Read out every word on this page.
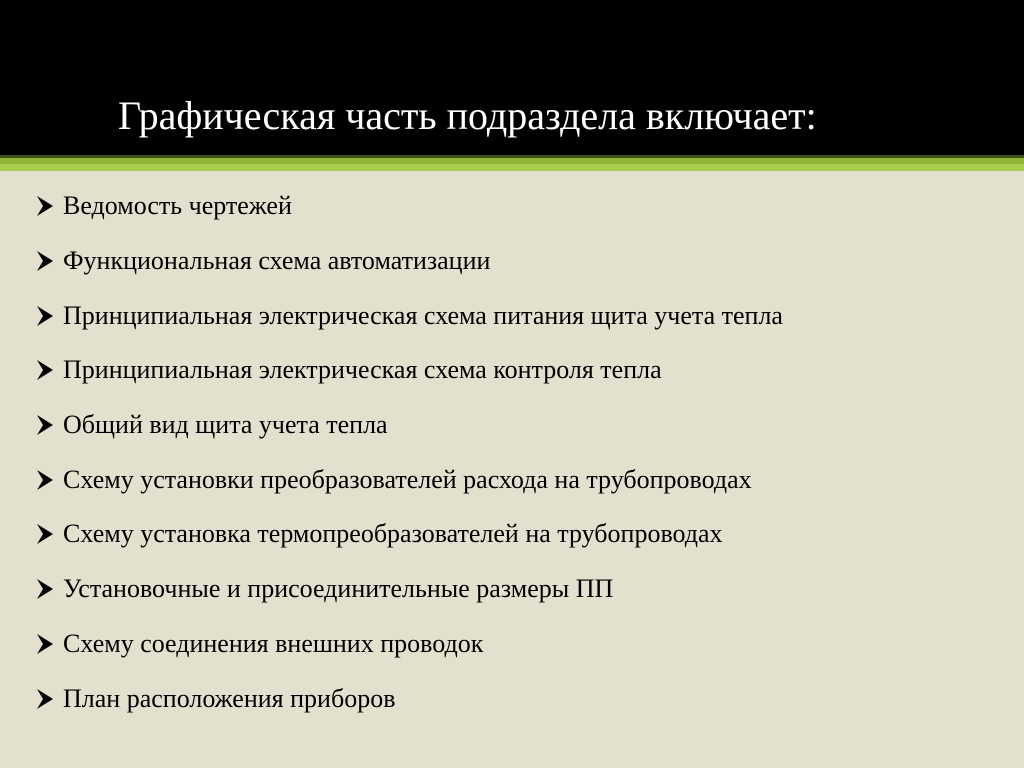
Графическая часть подраздела включает:
Ведомость чертежей
Функциональная схема автоматизации
Принципиальная электрическая схема питания щита учета тепла
Принципиальная электрическая схема контроля тепла
Общий вид щита учета тепла
Схему установки преобразователей расхода на трубопроводах
Схему установка термопреобразователей на трубопроводах
Установочные и присоединительные размеры ПП
Схему соединения внешних проводок
План расположения приборов
